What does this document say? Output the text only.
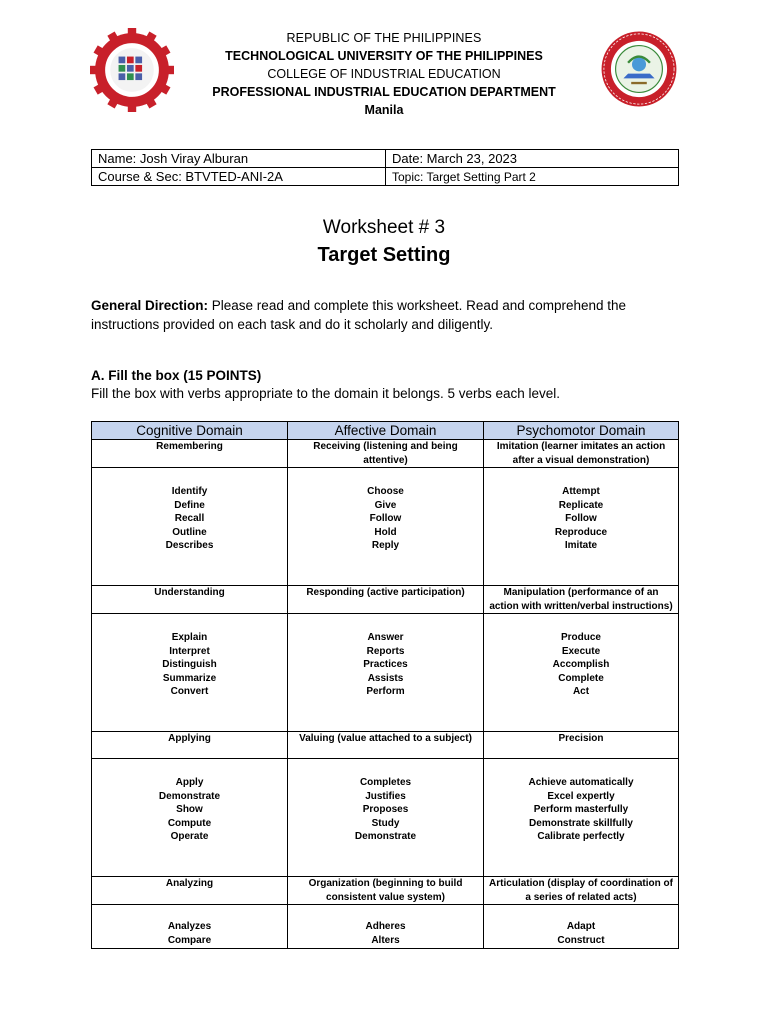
REPUBLIC OF THE PHILIPPINES
TECHNOLOGICAL UNIVERSITY OF THE PHILIPPINES
COLLEGE OF INDUSTRIAL EDUCATION
PROFESSIONAL INDUSTRIAL EDUCATION DEPARTMENT
Manila
Name: Josh Viray Alburan	Date: March 23, 2023
Course & Sec: BTVTED-ANI-2A	Topic: Target Setting Part 2
Worksheet # 3
Target Setting
General Direction: Please read and complete this worksheet. Read and comprehend the instructions provided on each task and do it scholarly and diligently.
A. Fill the box (15 POINTS)
Fill the box with verbs appropriate to the domain it belongs. 5 verbs each level.
Cognitive Domain	Affective Domain	Psychomotor Domain
Remembering	Receiving (listening and being attentive)	Imitation (learner imitates an action after a visual demonstration)

Identify
Define
Recall
Outline
Describes	Choose
Give
Follow
Hold
Reply	Attempt
Replicate
Follow
Reproduce
Imitate

Understanding	Responding (active participation)	Manipulation (performance of an action with written/verbal instructions)

Explain
Interpret
Distinguish
Summarize
Convert	Answer
Reports
Practices
Assists
Perform	Produce
Execute
Accomplish
Complete
Act

Applying	Valuing (value attached to a subject)	Precision

Apply
Demonstrate
Show
Compute
Operate	Completes
Justifies
Proposes
Study
Demonstrate	Achieve automatically
Excel expertly
Perform masterfully
Demonstrate skillfully
Calibrate perfectly

Analyzing	Organization (beginning to build consistent value system)	Articulation (display of coordination of a series of related acts)

Analyzes
Compare	Adheres
Alters	Adapt
Construct
